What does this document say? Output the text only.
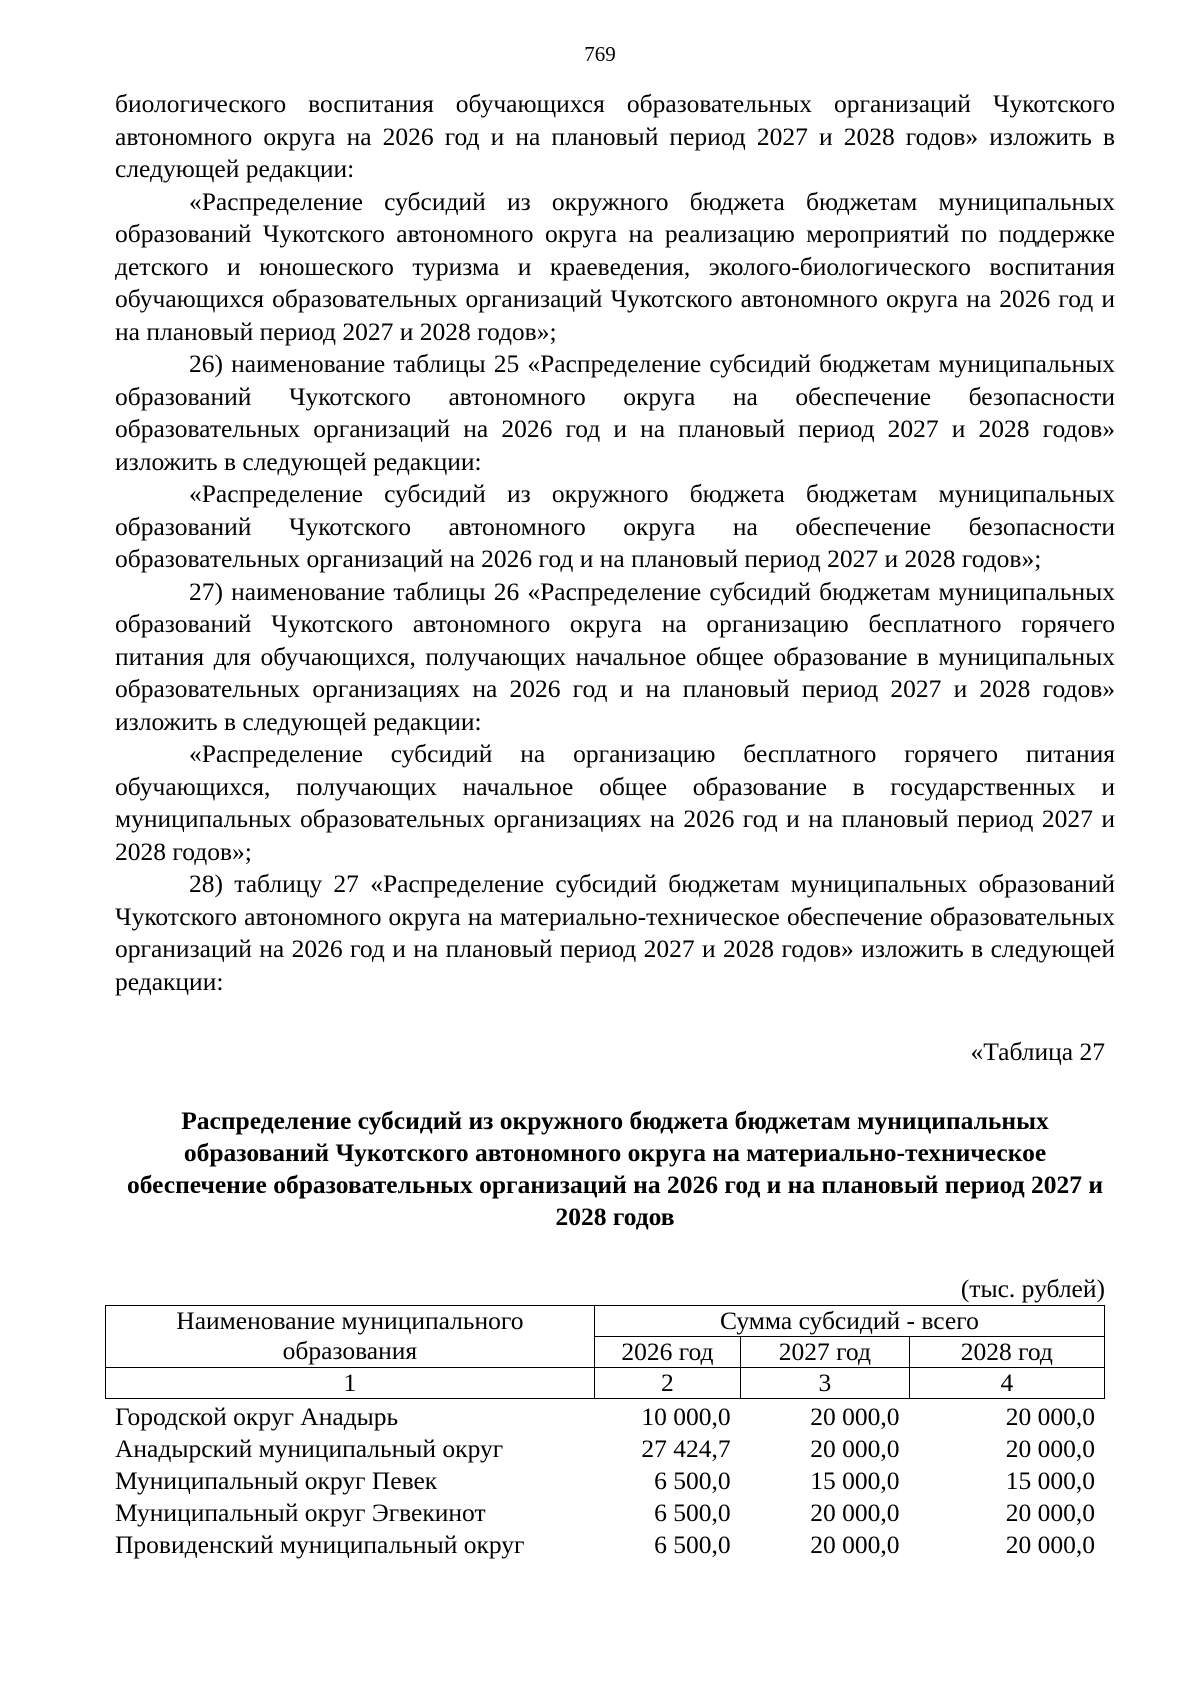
769

биологического воспитания обучающихся образовательных организаций Чукотского автономного округа на 2026 год и на плановый период 2027 и 2028 годов» изложить в следующей редакции:

«Распределение субсидий из окружного бюджета бюджетам муниципальных образований Чукотского автономного округа на реализацию мероприятий по поддержке детского и юношеского туризма и краеведения, эколого-биологического воспитания обучающихся образовательных организаций Чукотского автономного округа на 2026 год и на плановый период 2027 и 2028 годов»;

26) наименование таблицы 25 «Распределение субсидий бюджетам муниципальных образований Чукотского автономного округа на обеспечение безопасности образовательных организаций на 2026 год и на плановый период 2027 и 2028 годов» изложить в следующей редакции:

«Распределение субсидий из окружного бюджета бюджетам муниципальных образований Чукотского автономного округа на обеспечение безопасности образовательных организаций на 2026 год и на плановый период 2027 и 2028 годов»;

27) наименование таблицы 26 «Распределение субсидий бюджетам муниципальных образований Чукотского автономного округа на организацию бесплатного горячего питания для обучающихся, получающих начальное общее образование в муниципальных образовательных организациях на 2026 год и на плановый период 2027 и 2028 годов» изложить в следующей редакции:

«Распределение субсидий на организацию бесплатного горячего питания обучающихся, получающих начальное общее образование в государственных и муниципальных образовательных организациях на 2026 год и на плановый период 2027 и 2028 годов»;

28) таблицу 27 «Распределение субсидий бюджетам муниципальных образований Чукотского автономного округа на материально-техническое обеспечение образовательных организаций на 2026 год и на плановый период 2027 и 2028 годов» изложить в следующей редакции:

«Таблица 27
Распределение субсидий из окружного бюджета бюджетам муниципальных образований Чукотского автономного округа на материально-техническое обеспечение образовательных организаций на 2026 год и на плановый период 2027 и 2028 годов
(тыс. рублей)
Наименование муниципального образования	Сумма субсидий - всего		
	2026 год	2027 год	2028 год
1	2	3	4
Городской округ Анадырь	10 000,0	20 000,0	20 000,0
Анадырский муниципальный округ	27 424,7	20 000,0	20 000,0
Муниципальный округ Певек	6 500,0	15 000,0	15 000,0
Муниципальный округ Эгвекинот	6 500,0	20 000,0	20 000,0
Провиденский муниципальный округ	6 500,0	20 000,0	20 000,0
